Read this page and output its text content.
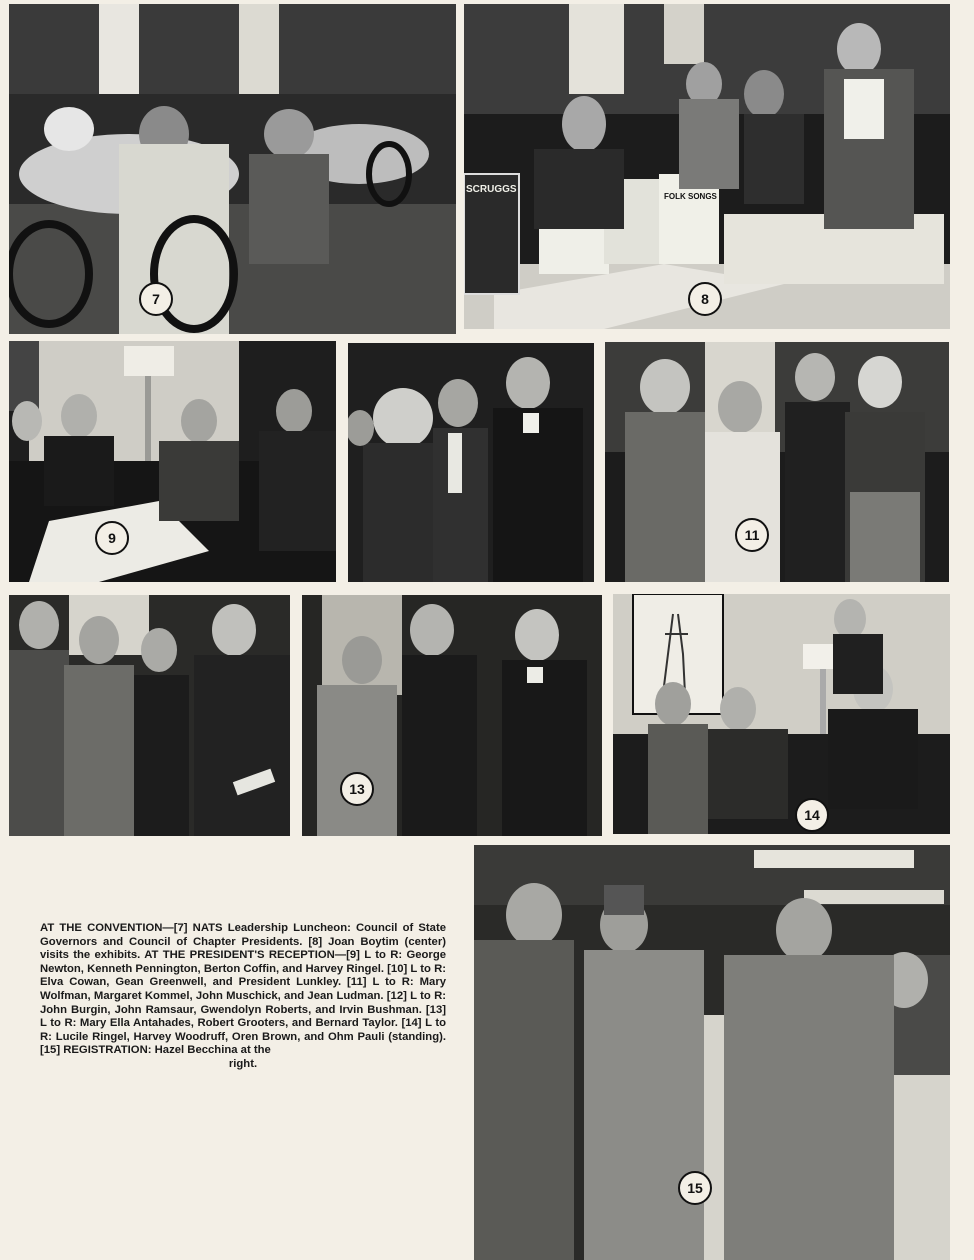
7
SCRUGGS
FOLK SONGS
8
9	11
13
14
15
AT THE CONVENTION—[7] NATS Leadership Luncheon: Council of State Governors and Council of Chapter Presidents. [8] Joan Boytim (center) visits the exhibits. AT THE PRESIDENT'S RECEPTION—[9] L to R: George Newton, Kenneth Pennington, Berton Coffin, and Harvey Ringel. [10] L to R: Elva Cowan, Gean Greenwell, and President Lunkley. [11] L to R: Mary Wolfman, Margaret Kommel, John Muschick, and Jean Ludman. [12] L to R: John Burgin, John Ramsaur, Gwendolyn Roberts, and Irvin Bushman. [13] L to R: Mary Ella Antahades, Robert Grooters, and Bernard Taylor. [14] L to R: Lucile Ringel, Harvey Woodruff, Oren Brown, and Ohm Pauli (standing). [15] REGISTRATION: Hazel Becchina at the
right.
